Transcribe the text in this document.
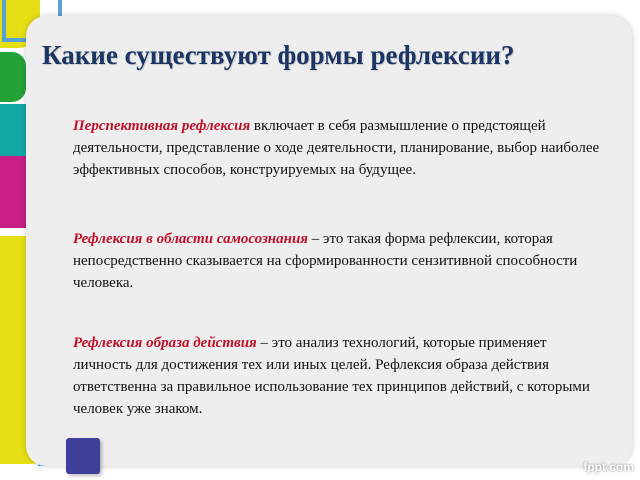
Какие существуют формы рефлексии?

Перспективная рефлексия включает в себя размышление о предстоящей деятельности, представление о ходе деятельности, планирование, выбор наиболее эффективных способов, конструируемых на будущее.

Рефлексия в области самосознания – это такая форма рефлексии, которая непосредственно сказывается на сформированности сензитивной способности человека.

Рефлексия образа действия – это анализ технологий, которые применяет личность для достижения тех или иных целей. Рефлексия образа действия ответственна за правильное использование тех принципов действий, с которыми человек уже знаком.

fppt.com
